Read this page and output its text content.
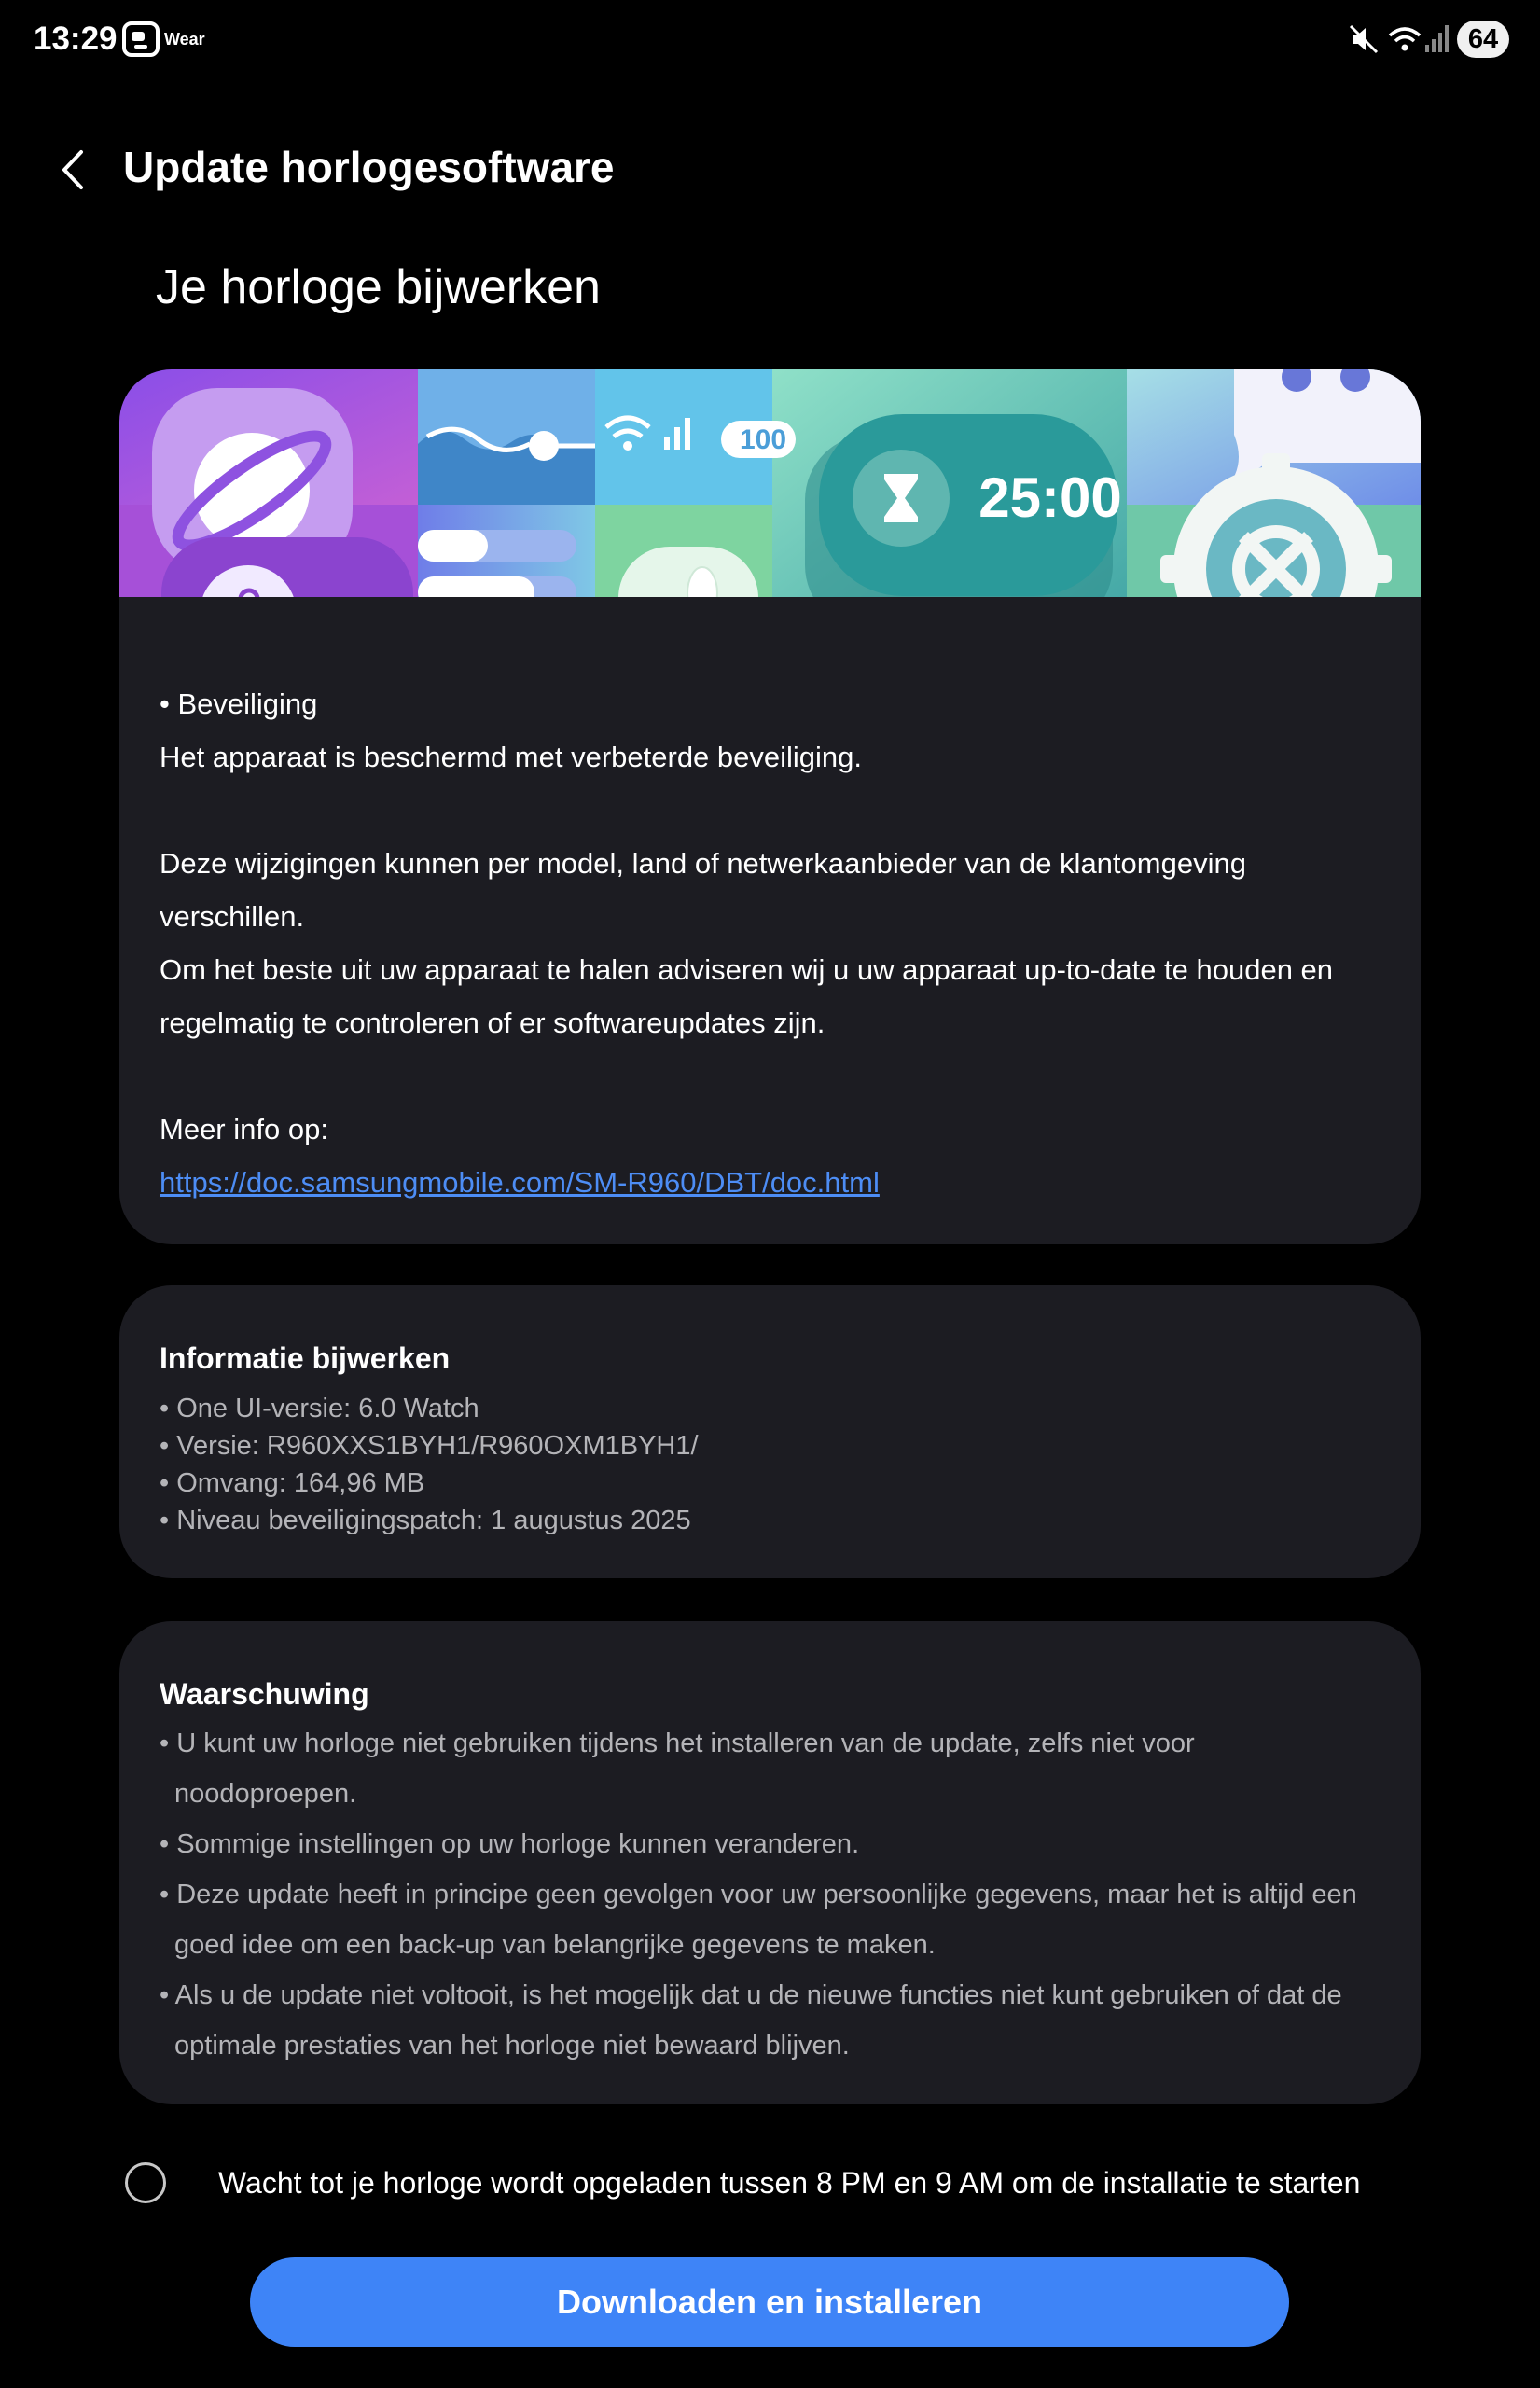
13:29	Wear	64
Update horlogesoftware
Je horloge bijwerken
100
25:00
• Beveiliging
Het apparaat is beschermd met verbeterde beveiliging.
Deze wijzigingen kunnen per model, land of netwerkaanbieder van de klantomgeving
verschillen.
Om het beste uit uw apparaat te halen adviseren wij u uw apparaat up-to-date te houden en
regelmatig te controleren of er softwareupdates zijn.
Meer info op:
https://doc.samsungmobile.com/SM-R960/DBT/doc.html
Informatie bijwerken
• One UI-versie: 6.0 Watch
• Versie: R960XXS1BYH1/R960OXM1BYH1/
• Omvang: 164,96 MB
• Niveau beveiligingspatch: 1 augustus 2025
Waarschuwing
• U kunt uw horloge niet gebruiken tijdens het installeren van de update, zelfs niet voor
noodoproepen.
• Sommige instellingen op uw horloge kunnen veranderen.
• Deze update heeft in principe geen gevolgen voor uw persoonlijke gegevens, maar het is altijd een
goed idee om een back-up van belangrijke gegevens te maken.
• Als u de update niet voltooit, is het mogelijk dat u de nieuwe functies niet kunt gebruiken of dat de
optimale prestaties van het horloge niet bewaard blijven.
Wacht tot je horloge wordt opgeladen tussen 8 PM en 9 AM om de installatie te starten
Downloaden en installeren
